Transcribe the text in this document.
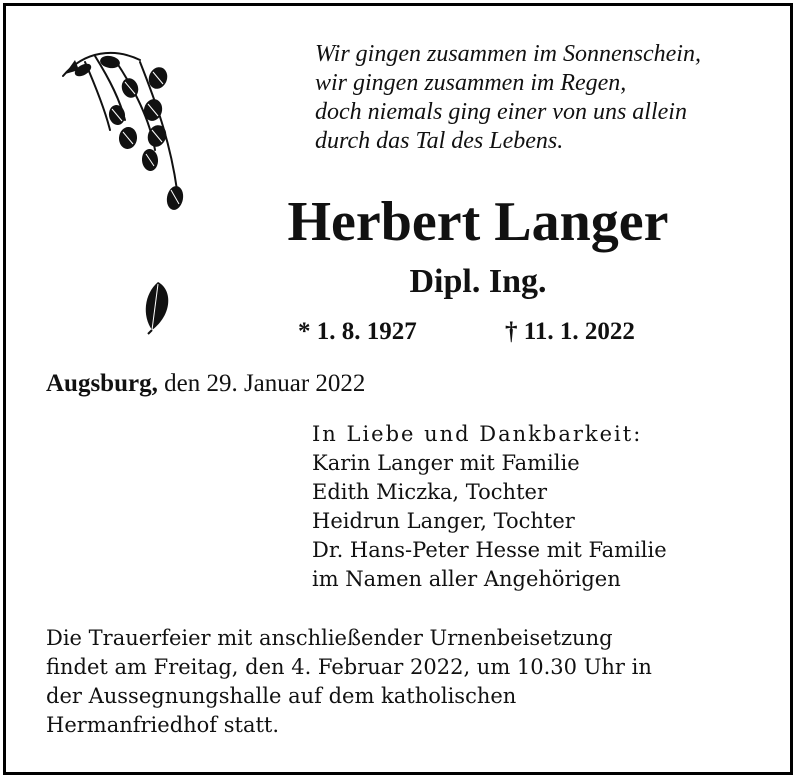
Wir gingen zusammen im Sonnenschein,
wir gingen zusammen im Regen,
doch niemals ging einer von uns allein
durch das Tal des Lebens.
Herbert Langer
Dipl. Ing.
* 1. 8. 1927	† 11. 1. 2022
Augsburg, den 29. Januar 2022
In Liebe und Dankbarkeit:
Karin Langer mit Familie
Edith Miczka, Tochter
Heidrun Langer, Tochter
Dr. Hans-Peter Hesse mit Familie
im Namen aller Angehörigen
Die Trauerfeier mit anschließender Urnenbeisetzung
findet am Freitag, den 4. Februar 2022, um 10.30 Uhr in
der Aussegnungshalle auf dem katholischen
Hermanfriedhof statt.
